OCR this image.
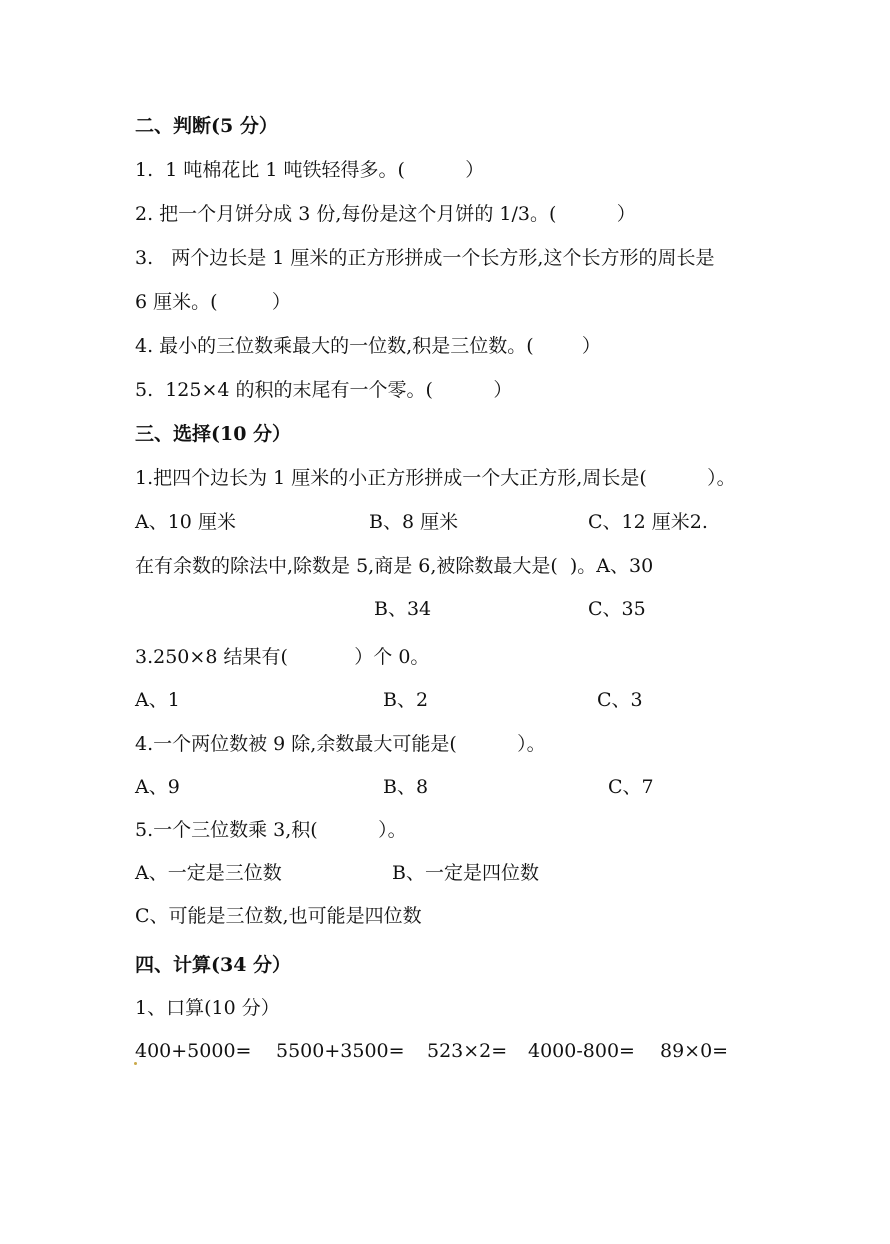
二、判断(5 分）
1.  1 吨棉花比 1 吨铁轻得多。(          ）
2. 把一个月饼分成 3 份,每份是这个月饼的 1/3。(          ）
3.   两个边长是 1 厘米的正方形拼成一个长方形,这个长方形的周长是
6 厘米。(         ）
4. 最小的三位数乘最大的一位数,积是三位数。(        ）
5.  125×4 的积的末尾有一个零。(          ）
三、选择(10 分）
1.把四个边长为 1 厘米的小正方形拼成一个大正方形,周长是(          ）。
A、10 厘米	B、8 厘米	C、12 厘米2.
在有余数的除法中,除数是 5,商是 6,被除数最大是(  )。A、30
B、34	C、35
3.250×8 结果有(           ）个 0。
A、1	B、2	C、3
4.一个两位数被 9 除,余数最大可能是(          ）。
A、9	B、8	C、7
5.一个三位数乘 3,积(          ）。
A、一定是三位数	B、一定是四位数
C、可能是三位数,也可能是四位数
四、计算(34 分）
1、口算(10 分）
400+5000= 5500+3500= 523×2= 4000-800= 89×0=
